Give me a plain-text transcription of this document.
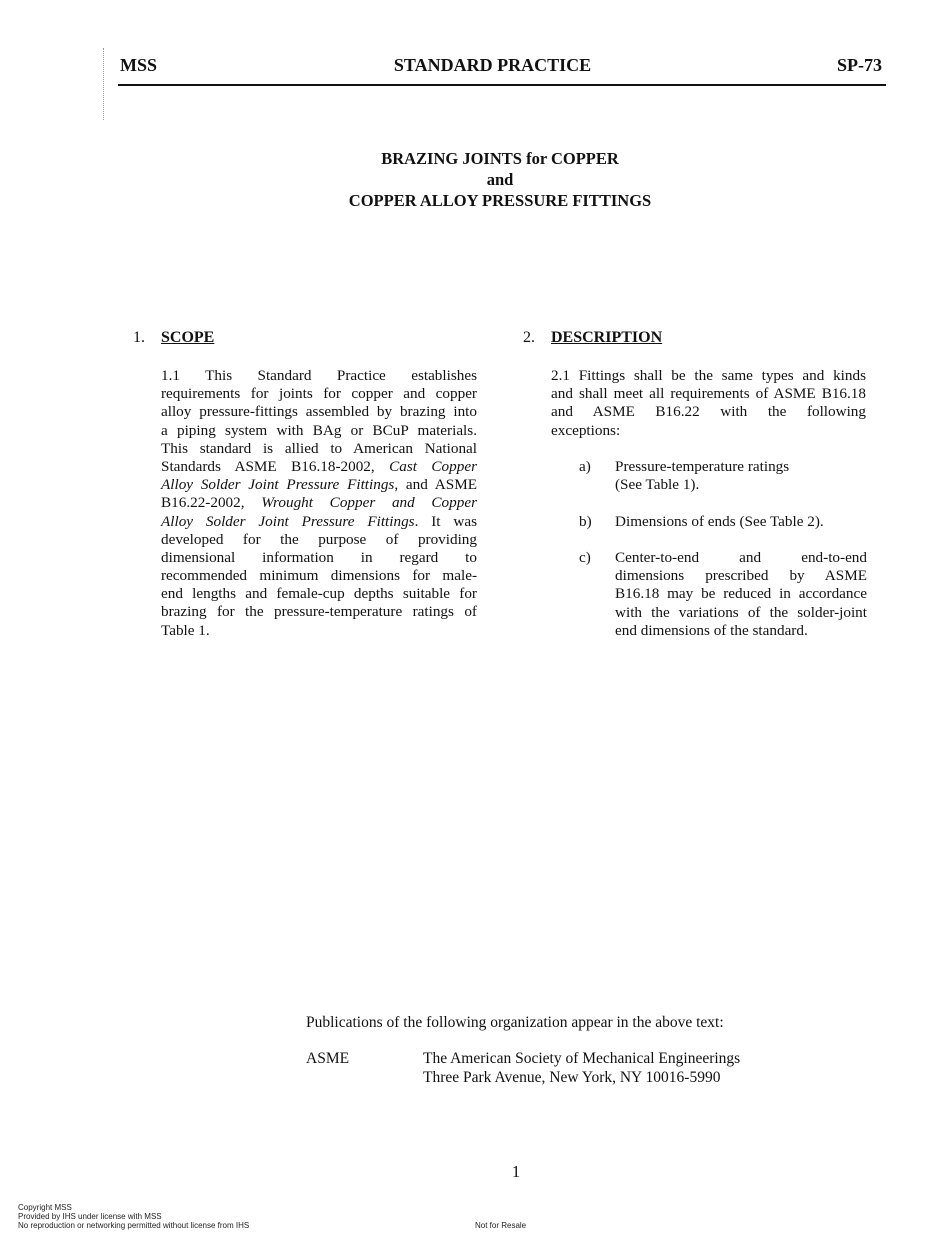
MSS	STANDARD PRACTICE	SP-73
BRAZING JOINTS for COPPER
and
COPPER ALLOY PRESSURE FITTINGS
1. SCOPE
1.1 This Standard Practice establishes
requirements for joints for copper and copper
alloy pressure-fittings assembled by brazing into
a piping system with BAg or BCuP materials.
This standard is allied to American National
Standards ASME B16.18-2002, Cast Copper
Alloy Solder Joint Pressure Fittings, and ASME
B16.22-2002, Wrought Copper and Copper
Alloy Solder Joint Pressure Fittings. It was
developed for the purpose of providing
dimensional information in regard to
recommended minimum dimensions for male-
end lengths and female-cup depths suitable for
brazing for the pressure-temperature ratings of
Table 1.
2. DESCRIPTION
2.1 Fittings shall be the same types and kinds
and shall meet all requirements of ASME B16.18
and ASME B16.22 with the following
exceptions:
a) Pressure-temperature ratings
(See Table 1).
b) Dimensions of ends (See Table 2).
c) Center-to-end and end-to-end
dimensions prescribed by ASME
B16.18 may be reduced in accordance
with the variations of the solder-joint
end dimensions of the standard.
Publications of the following organization appear in the above text:
ASME	The American Society of Mechanical Engineerings
Three Park Avenue, New York, NY 10016-5990
1
Copyright MSS
Provided by IHS under license with MSS
No reproduction or networking permitted without license from IHS	Not for Resale
